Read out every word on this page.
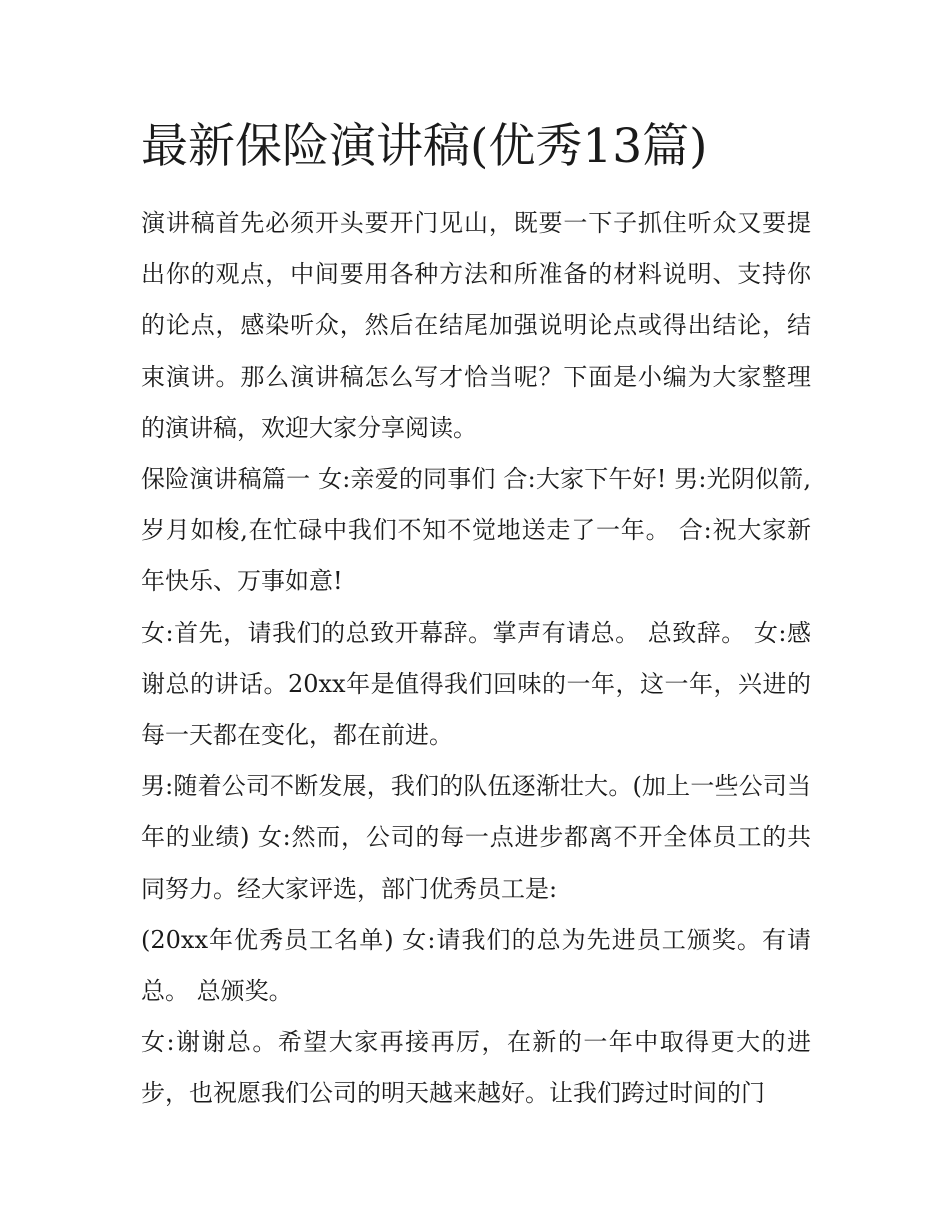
最新保险演讲稿(优秀13篇)

演讲稿首先必须开头要开门见山，既要一下子抓住听众又要提出你的观点，中间要用各种方法和所准备的材料说明、支持你的论点，感染听众，然后在结尾加强说明论点或得出结论，结束演讲。那么演讲稿怎么写才恰当呢？下面是小编为大家整理的演讲稿，欢迎大家分享阅读。

保险演讲稿篇一 女:亲爱的同事们 合:大家下午好! 男:光阴似箭,岁月如梭,在忙碌中我们不知不觉地送走了一年。 合:祝大家新年快乐、万事如意!

女:首先，请我们的总致开幕辞。掌声有请总。 总致辞。 女:感谢总的讲话。20xx年是值得我们回味的一年，这一年，兴进的每一天都在变化，都在前进。

男:随着公司不断发展，我们的队伍逐渐壮大。(加上一些公司当年的业绩) 女:然而，公司的每一点进步都离不开全体员工的共同努力。经大家评选，部门优秀员工是:

(20xx年优秀员工名单) 女:请我们的总为先进员工颁奖。有请总。 总颁奖。

女:谢谢总。希望大家再接再厉，在新的一年中取得更大的进步，也祝愿我们公司的明天越来越好。让我们跨过时间的门
